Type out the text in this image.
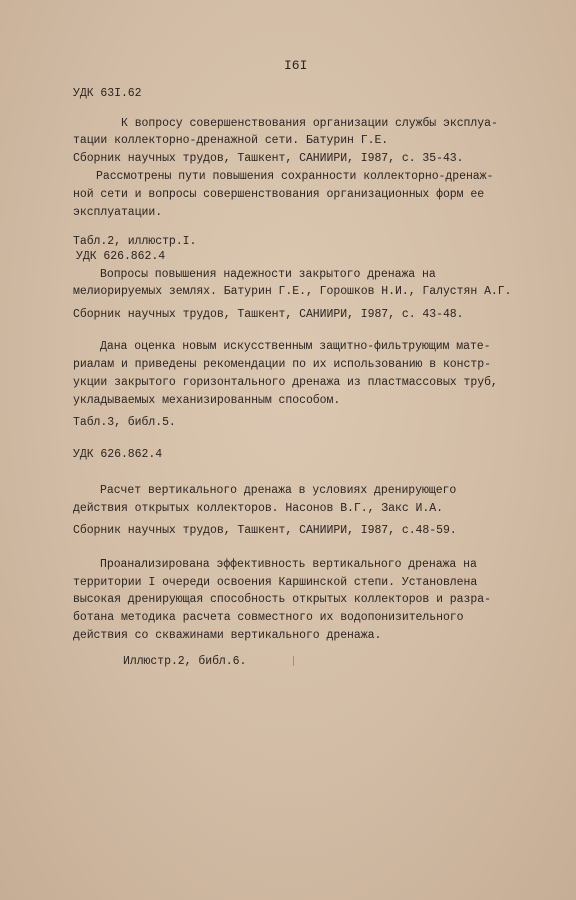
I6I
УДК 63I.62
К вопросу совершенствования организации службы эксплуа-
тации коллекторно-дренажной сети. Батурин Г.Е.
Сборник научных трудов, Ташкент, САНИИРИ, I987, с. 35-43.
Рассмотрены пути повышения сохранности коллекторно-дренаж-
ной сети и вопросы совершенствования организационных форм ее
эксплуатации.
Табл.2, иллюстр.I.
УДК 626.862.4
Вопросы повышения надежности закрытого дренажа на
мелиорируемых землях. Батурин Г.Е., Горошков Н.И., Галустян А.Г.
Сборник научных трудов, Ташкент, САНИИРИ, I987, с. 43-48.
Дана оценка новым искусственным защитно-фильтрующим мате-
риалам и приведены рекомендации по их использованию в констр-
укции закрытого горизонтального дренажа из пластмассовых труб,
укладываемых механизированным способом.
Табл.3, библ.5.
УДК 626.862.4
Расчет вертикального дренажа в условиях дренирующего
действия открытых коллекторов. Насонов В.Г., Закс И.А.
Сборник научных трудов, Ташкент, САНИИРИ, I987, с.48-59.
Проанализирована эффективность вертикального дренажа на
территории I очереди освоения Каршинской степи. Установлена
высокая дренирующая способность открытых коллекторов и разра-
ботана методика расчета совместного их водопонизительного
действия со скважинами вертикального дренажа.
Иллюстр.2, библ.6.
